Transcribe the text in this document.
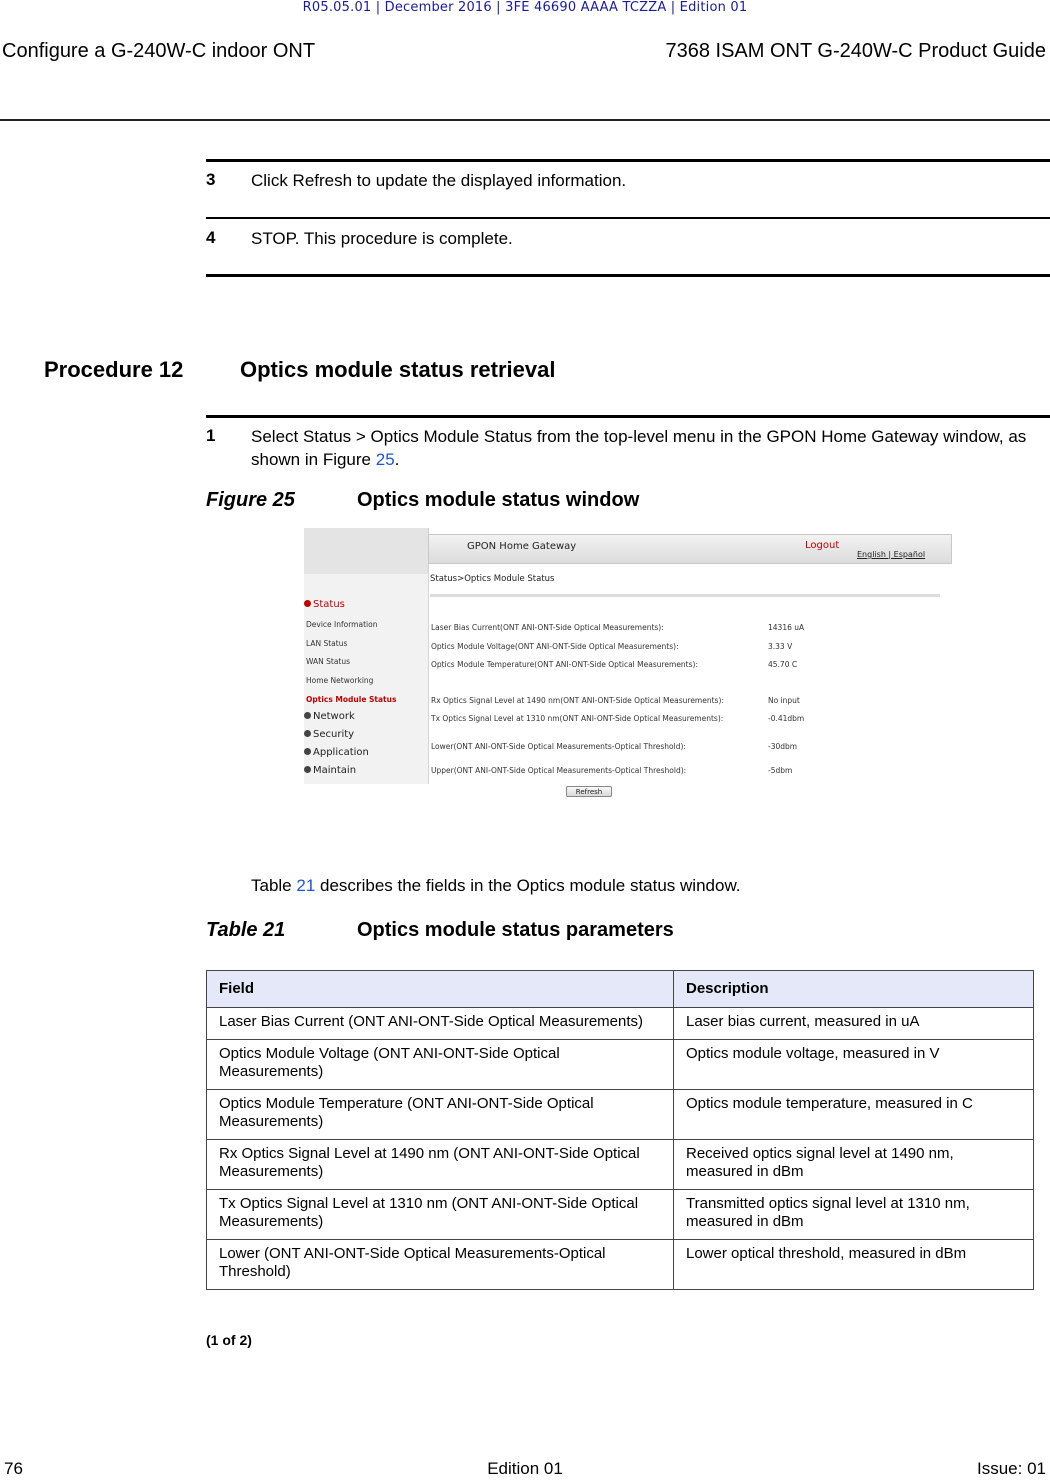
R05.05.01 | December 2016 | 3FE 46690 AAAA TCZZA | Edition 01
Configure a G-240W-C indoor ONT	7368 ISAM ONT G-240W-C Product Guide
3 Click Refresh to update the displayed information.
4 STOP. This procedure is complete.
Procedure 12	Optics module status retrieval
1 Select Status > Optics Module Status from the top-level menu in the GPON Home Gateway window, as shown in Figure 25.
Figure 25	Optics module status window
GPON Home Gateway	Logout
English | Español
Status>Optics Module Status
Status
Device Information
LAN Status
WAN Status
Home Networking
Optics Module Status
Network
Security
Application
Maintain
Laser Bias Current(ONT ANI-ONT-Side Optical Measurements):	14316 uA
Optics Module Voltage(ONT ANI-ONT-Side Optical Measurements):	3.33 V
Optics Module Temperature(ONT ANI-ONT-Side Optical Measurements):	45.70 C
Rx Optics Signal Level at 1490 nm(ONT ANI-ONT-Side Optical Measurements):	No input
Tx Optics Signal Level at 1310 nm(ONT ANI-ONT-Side Optical Measurements):	-0.41dbm
Lower(ONT ANI-ONT-Side Optical Measurements-Optical Threshold):	-30dbm
Upper(ONT ANI-ONT-Side Optical Measurements-Optical Threshold):	-5dbm
Refresh
Table 21 describes the fields in the Optics module status window.
Table 21	Optics module status parameters
Field	Description
Laser Bias Current (ONT ANI-ONT-Side Optical Measurements)	Laser bias current, measured in uA
Optics Module Voltage (ONT ANI-ONT-Side Optical Measurements)	Optics module voltage, measured in V
Optics Module Temperature (ONT ANI-ONT-Side Optical Measurements)	Optics module temperature, measured in C
Rx Optics Signal Level at 1490 nm (ONT ANI-ONT-Side Optical Measurements)	Received optics signal level at 1490 nm, measured in dBm
Tx Optics Signal Level at 1310 nm (ONT ANI-ONT-Side Optical Measurements)	Transmitted optics signal level at 1310 nm, measured in dBm
Lower (ONT ANI-ONT-Side Optical Measurements-Optical Threshold)	Lower optical threshold, measured in dBm
(1 of 2)
76	Edition 01	Issue: 01
